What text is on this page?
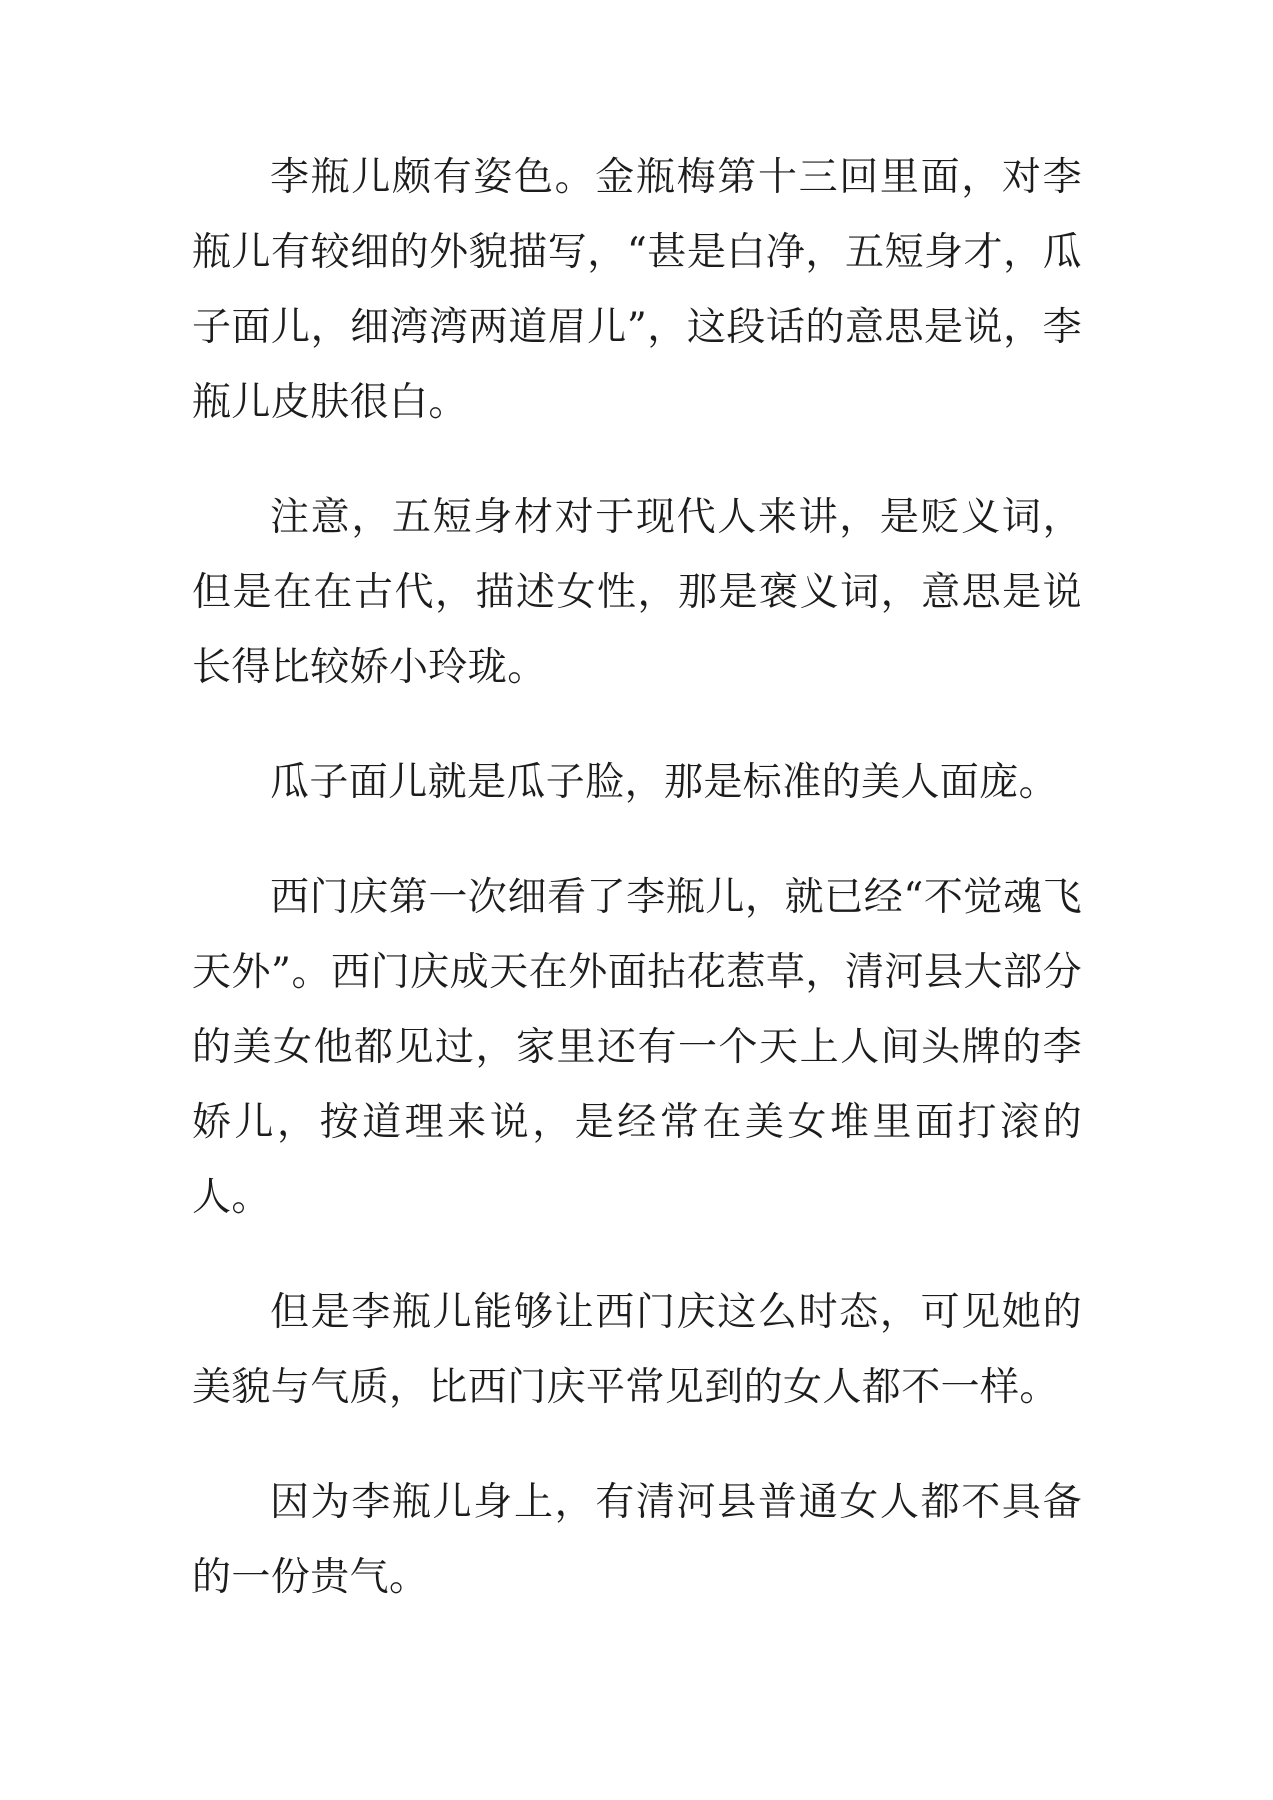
李瓶儿颇有姿色。金瓶梅第十三回里面，对李瓶儿有较细的外貌描写，“甚是白净，五短身才，瓜子面儿，细湾湾两道眉儿”，这段话的意思是说，李瓶儿皮肤很白。

注意，五短身材对于现代人来讲，是贬义词，但是在在古代，描述女性，那是褒义词，意思是说长得比较娇小玲珑。

瓜子面儿就是瓜子脸，那是标准的美人面庞。

西门庆第一次细看了李瓶儿，就已经“不觉魂飞天外”。西门庆成天在外面拈花惹草，清河县大部分的美女他都见过，家里还有一个天上人间头牌的李娇儿，按道理来说，是经常在美女堆里面打滚的人。

但是李瓶儿能够让西门庆这么时态，可见她的美貌与气质，比西门庆平常见到的女人都不一样。

因为李瓶儿身上，有清河县普通女人都不具备的一份贵气。
